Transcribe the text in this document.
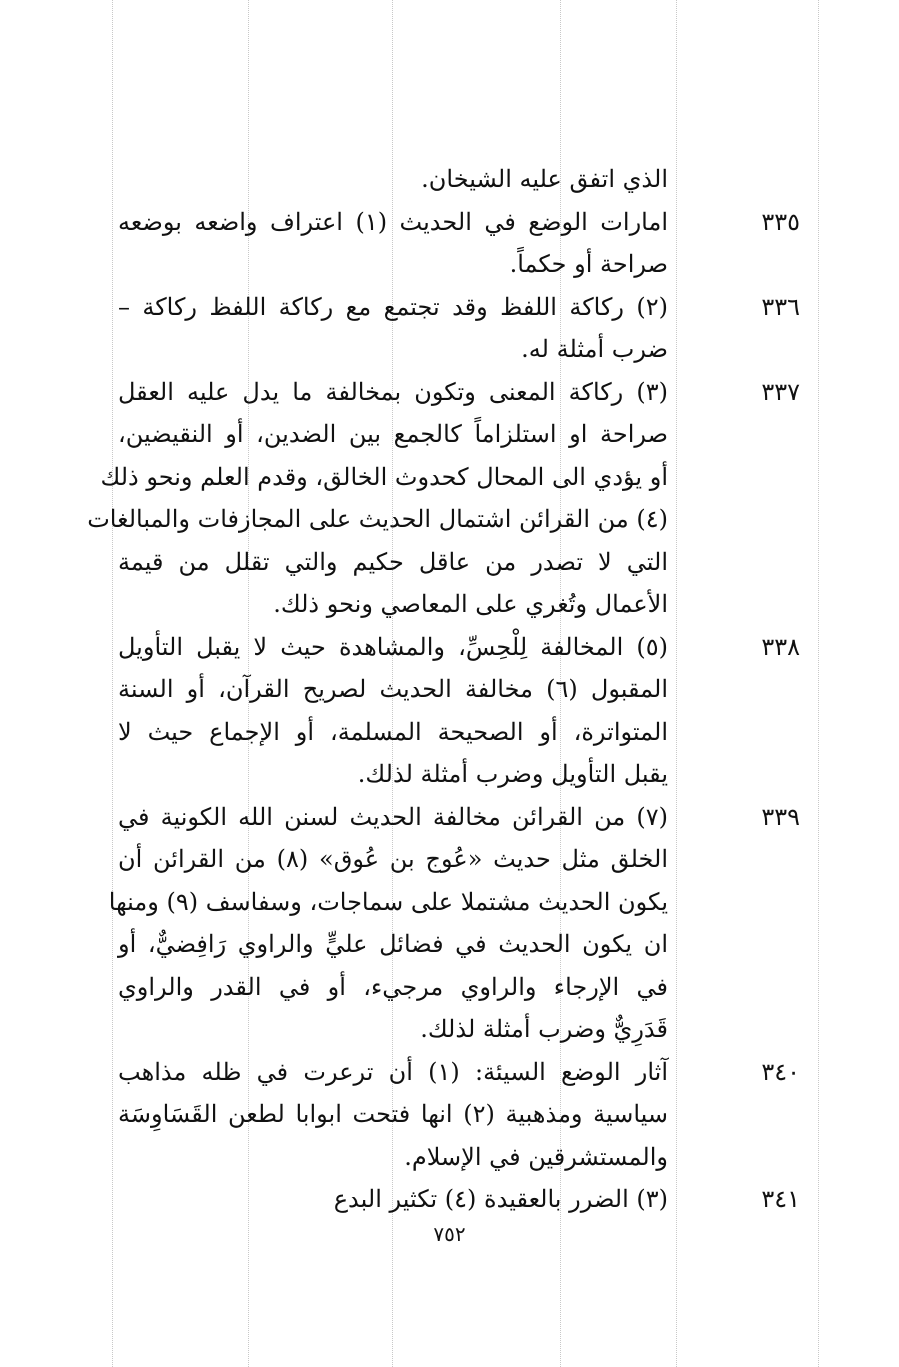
الذي اتفق عليه الشيخان.
٣٣٥
امارات الوضع في الحديث (١) اعتراف واضعه بوضعه
صراحة أو حكماً.
٣٣٦
(٢) ركاكة اللفظ وقد تجتمع مع ركاكة اللفظ ركاكة –
ضرب أمثلة له.
٣٣٧
(٣) ركاكة المعنى وتكون بمخالفة ما يدل عليه العقل
صراحة او استلزاماً كالجمع بين الضدين، أو النقيضين،
أو يؤدي الى المحال كحدوث الخالق، وقدم العلم ونحو ذلك
(٤) من القرائن اشتمال الحديث على المجازفات والمبالغات
التي لا تصدر من عاقل حكيم والتي تقلل من قيمة
الأعمال وتُغري على المعاصي ونحو ذلك.
٣٣٨
(٥) المخالفة لِلْحِسِّ، والمشاهدة حيث لا يقبل التأويل
المقبول (٦) مخالفة الحديث لصريح القرآن، أو السنة
المتواترة، أو الصحيحة المسلمة، أو الإجماع حيث لا
يقبل التأويل وضرب أمثلة لذلك.
٣٣٩
(٧) من القرائن مخالفة الحديث لسنن الله الكونية في
الخلق مثل حديث «عُوج بن عُوق» (٨) من القرائن أن
يكون الحديث مشتملا على سماجات، وسفاسف (٩) ومنها
ان يكون الحديث في فضائل عليٍّ والراوي رَافِضيٌّ، أو
في الإرجاء والراوي مرجيء، أو في القدر والراوي
قَدَرِيٌّ وضرب أمثلة لذلك.
٣٤٠
آثار الوضع السيئة: (١) أن ترعرت في ظله مذاهب
سياسية ومذهبية (٢) انها فتحت ابوابا لطعن القَسَاوِسَة
والمستشرقين في الإسلام.
٣٤١
(٣) الضرر بالعقيدة (٤) تكثير البدع
٧٥٢
